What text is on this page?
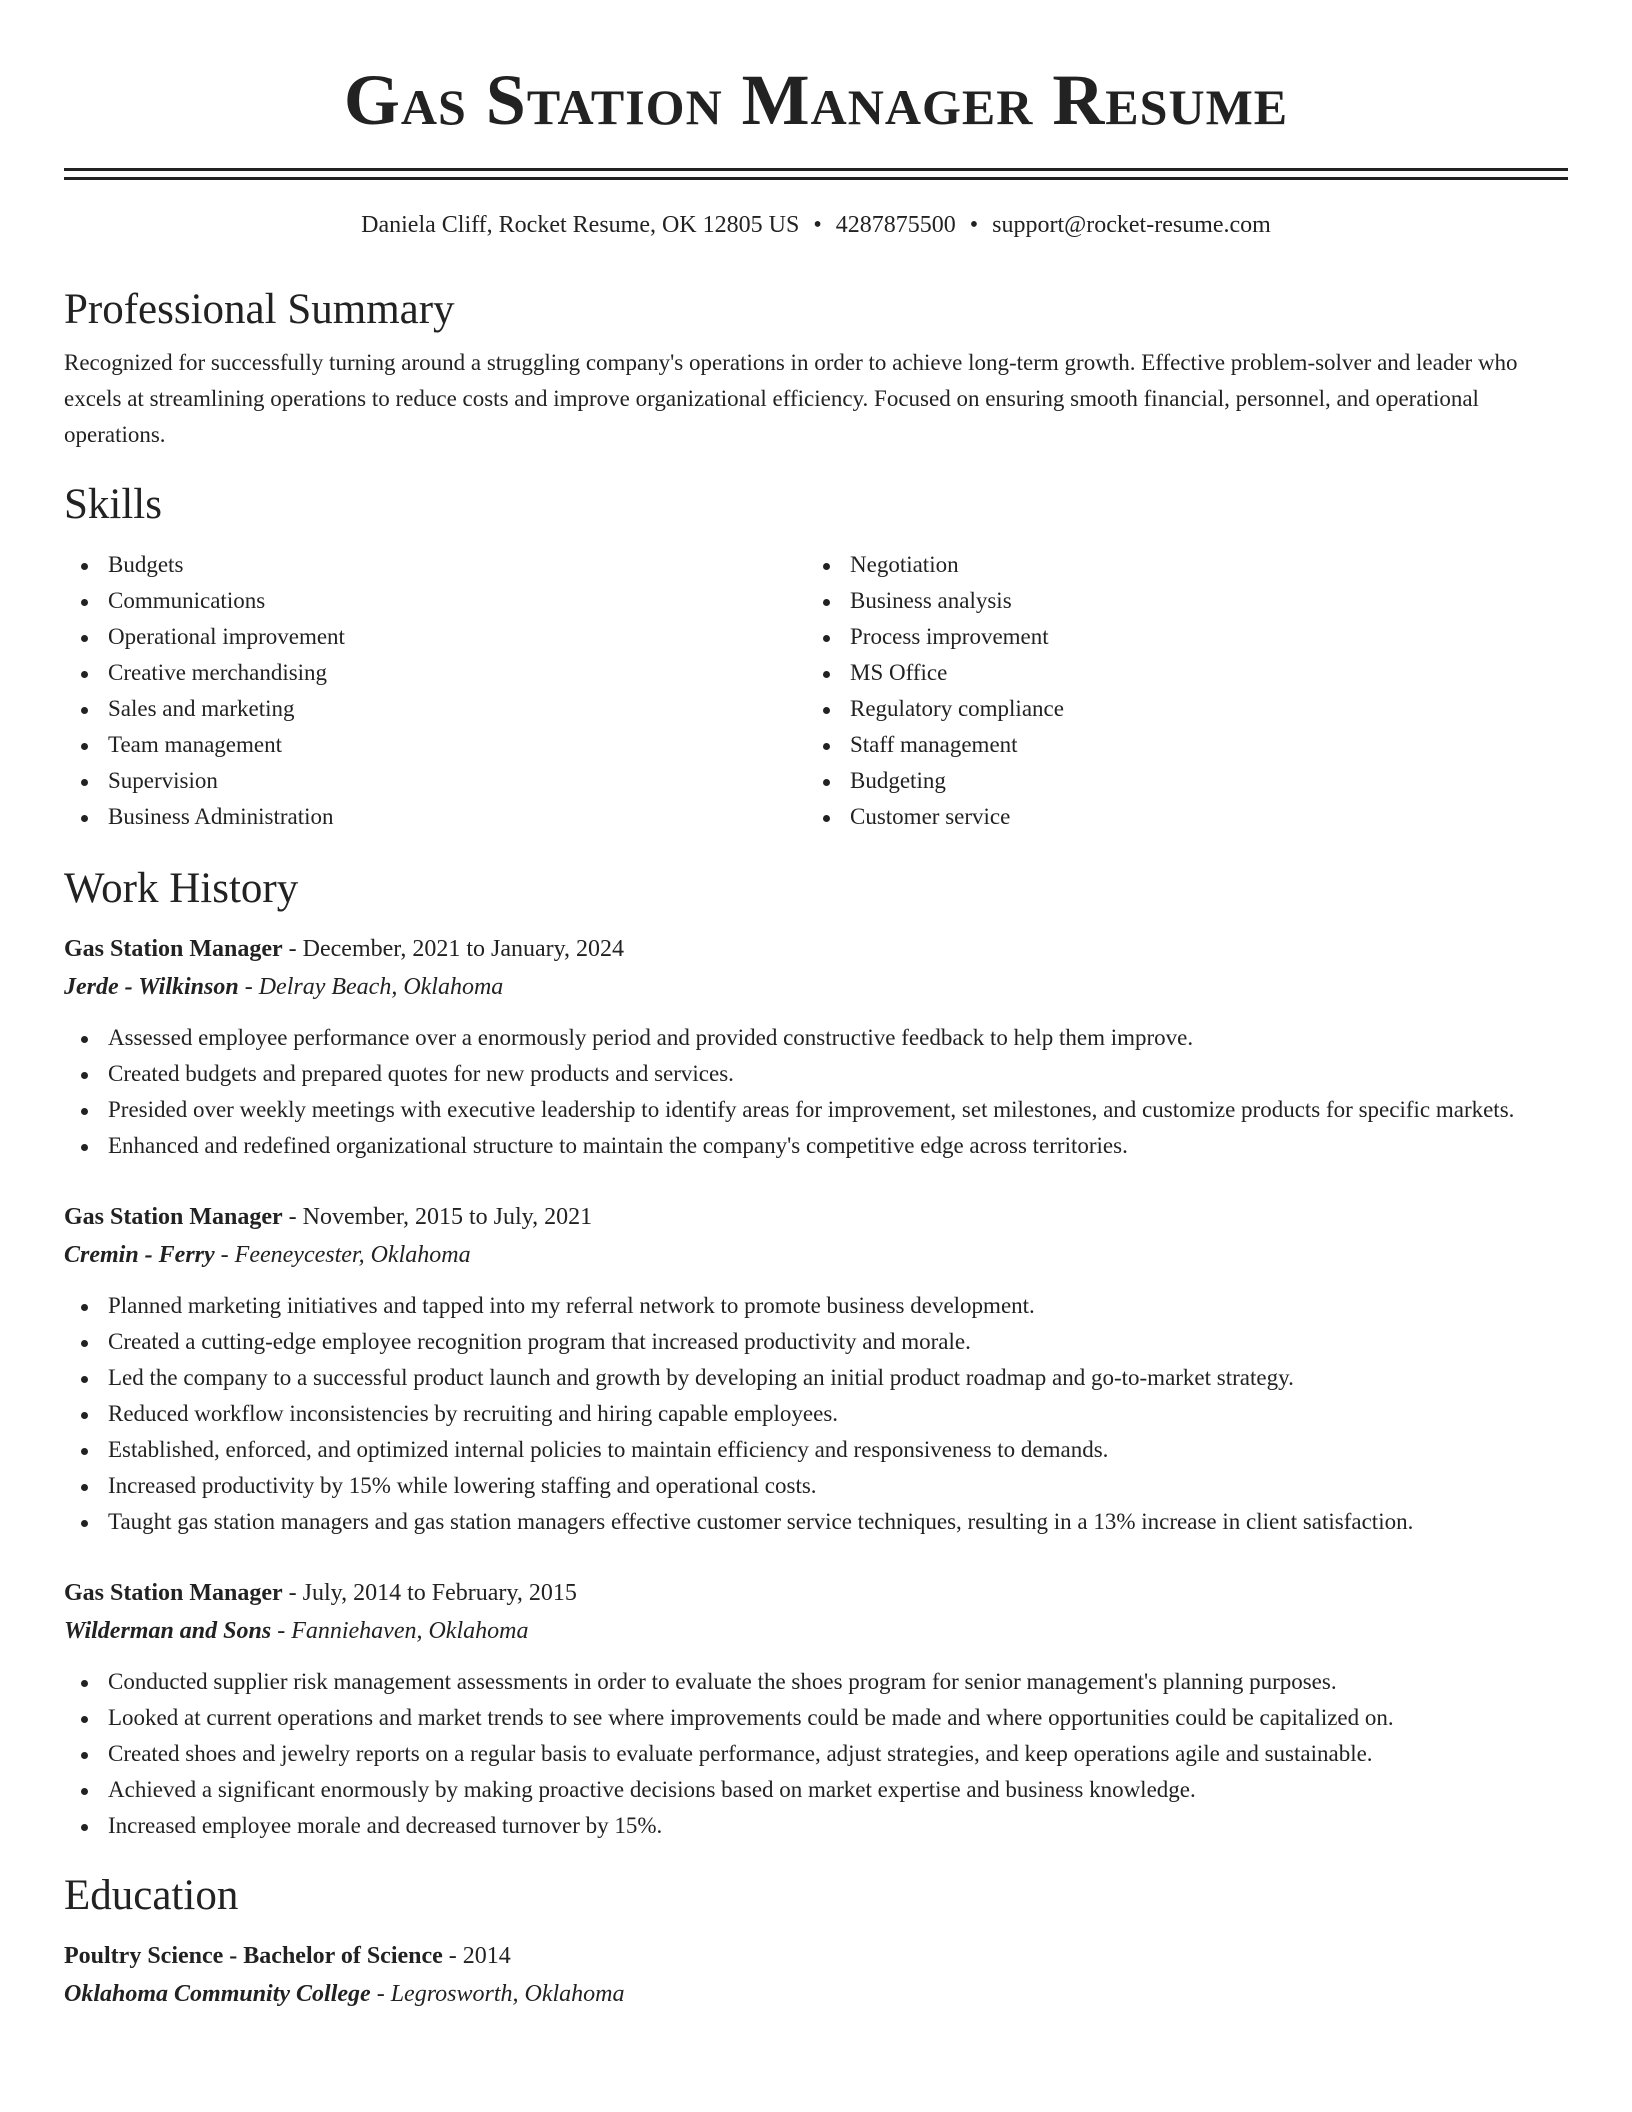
Gas Station Manager Resume
Daniela Cliff, Rocket Resume, OK 12805 US • 4287875500 • support@rocket-resume.com
Professional Summary

Recognized for successfully turning around a struggling company's operations in order to achieve long-term growth. Effective problem-solver and leader who excels at streamlining operations to reduce costs and improve organizational efficiency. Focused on ensuring smooth financial, personnel, and operational operations.

Skills
Budgets
Communications
Operational improvement
Creative merchandising
Sales and marketing
Team management
Supervision
Business Administration
Negotiation
Business analysis
Process improvement
MS Office
Regulatory compliance
Staff management
Budgeting
Customer service
Work History
Gas Station Manager - December, 2021 to January, 2024
Jerde - Wilkinson - Delray Beach, Oklahoma
Assessed employee performance over a enormously period and provided constructive feedback to help them improve.
Created budgets and prepared quotes for new products and services.
Presided over weekly meetings with executive leadership to identify areas for improvement, set milestones, and customize products for specific markets.
Enhanced and redefined organizational structure to maintain the company's competitive edge across territories.
Gas Station Manager - November, 2015 to July, 2021
Cremin - Ferry - Feeneycester, Oklahoma
Planned marketing initiatives and tapped into my referral network to promote business development.
Created a cutting-edge employee recognition program that increased productivity and morale.
Led the company to a successful product launch and growth by developing an initial product roadmap and go-to-market strategy.
Reduced workflow inconsistencies by recruiting and hiring capable employees.
Established, enforced, and optimized internal policies to maintain efficiency and responsiveness to demands.
Increased productivity by 15% while lowering staffing and operational costs.
Taught gas station managers and gas station managers effective customer service techniques, resulting in a 13% increase in client satisfaction.
Gas Station Manager - July, 2014 to February, 2015
Wilderman and Sons - Fanniehaven, Oklahoma
Conducted supplier risk management assessments in order to evaluate the shoes program for senior management's planning purposes.
Looked at current operations and market trends to see where improvements could be made and where opportunities could be capitalized on.
Created shoes and jewelry reports on a regular basis to evaluate performance, adjust strategies, and keep operations agile and sustainable.
Achieved a significant enormously by making proactive decisions based on market expertise and business knowledge.
Increased employee morale and decreased turnover by 15%.
Education
Poultry Science - Bachelor of Science - 2014
Oklahoma Community College - Legrosworth, Oklahoma
